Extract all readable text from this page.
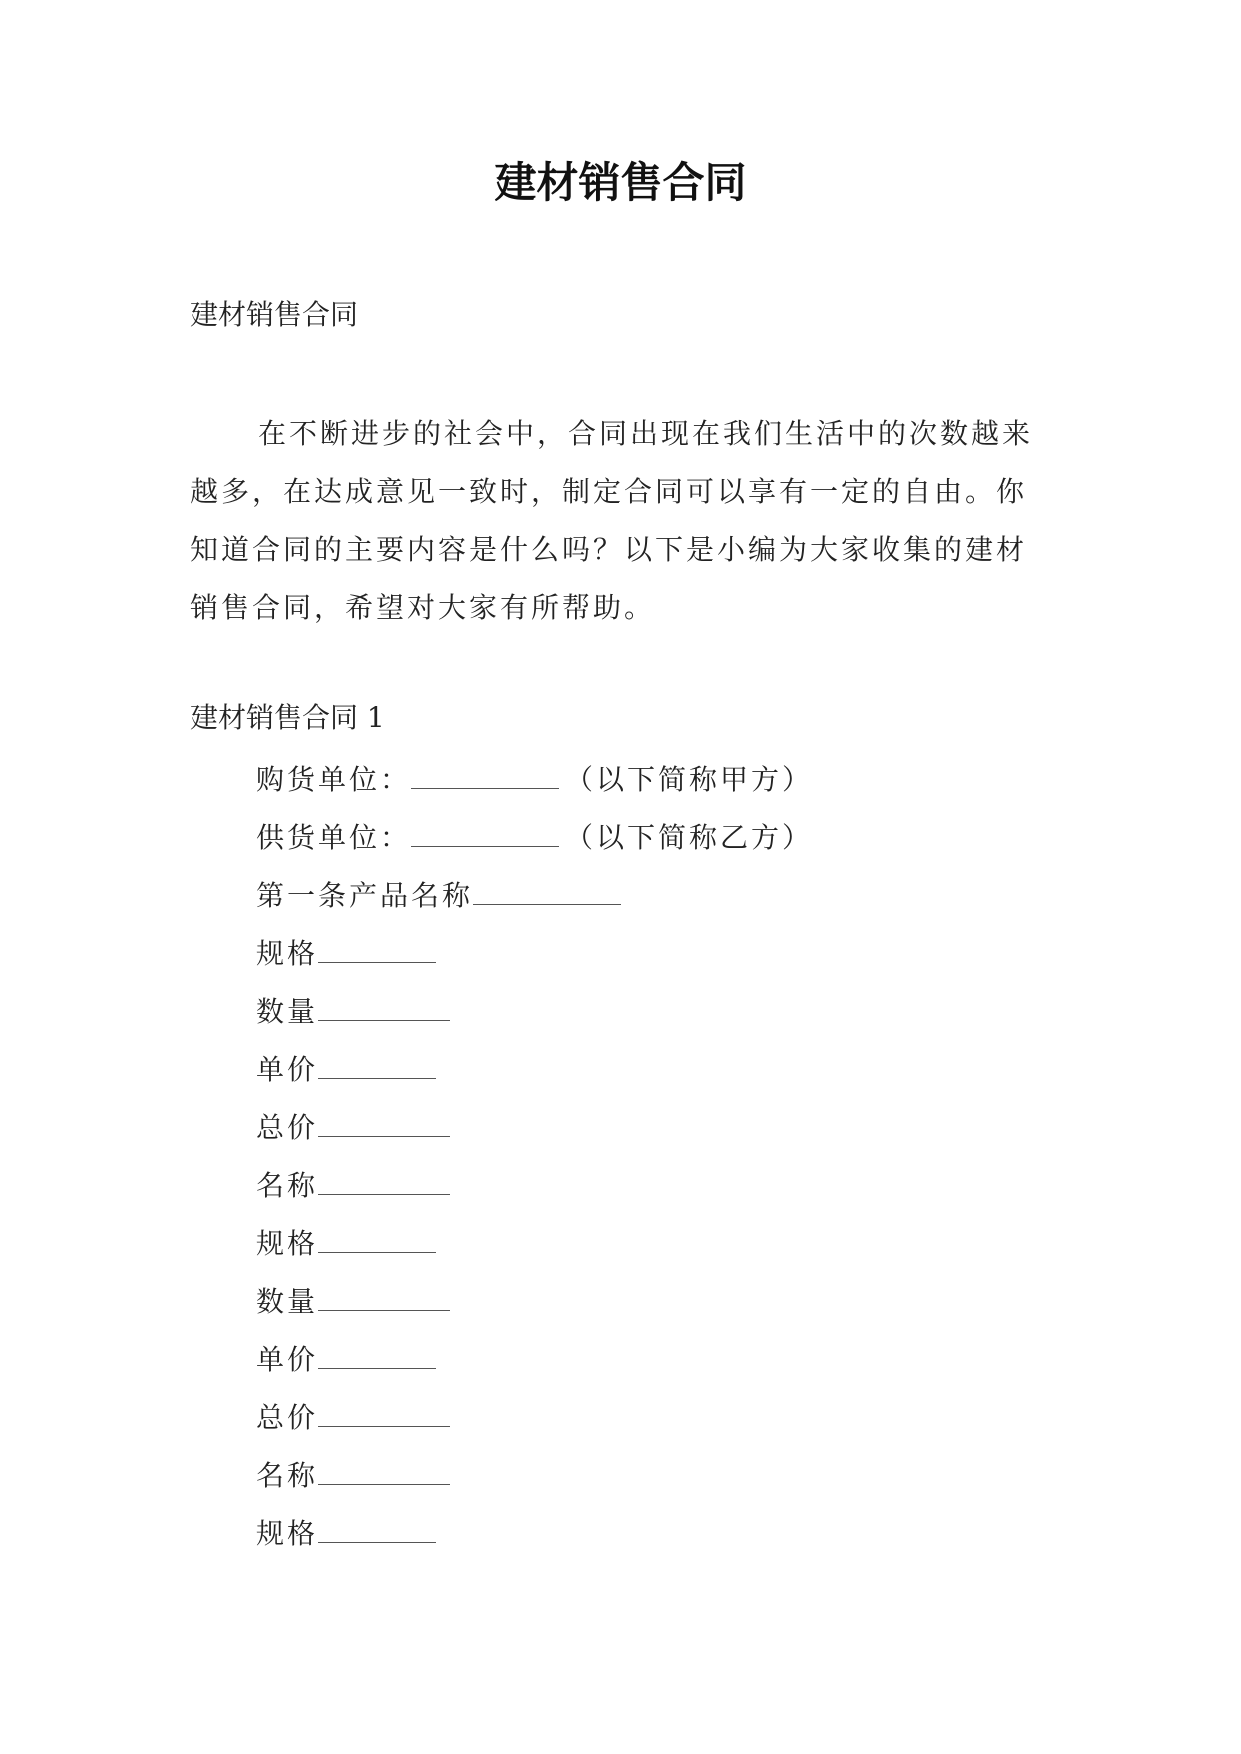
建材销售合同
建材销售合同

在不断进步的社会中，合同出现在我们生活中的次数越来越多，在达成意见一致时，制定合同可以享有一定的自由。你知道合同的主要内容是什么吗？以下是小编为大家收集的建材销售合同，希望对大家有所帮助。

建材销售合同 1
购货单位：	（以下简称甲方）
供货单位：	（以下简称乙方）
第一条产品名称
规格
数量
单价
总价
名称
规格
数量
单价
总价
名称
规格
